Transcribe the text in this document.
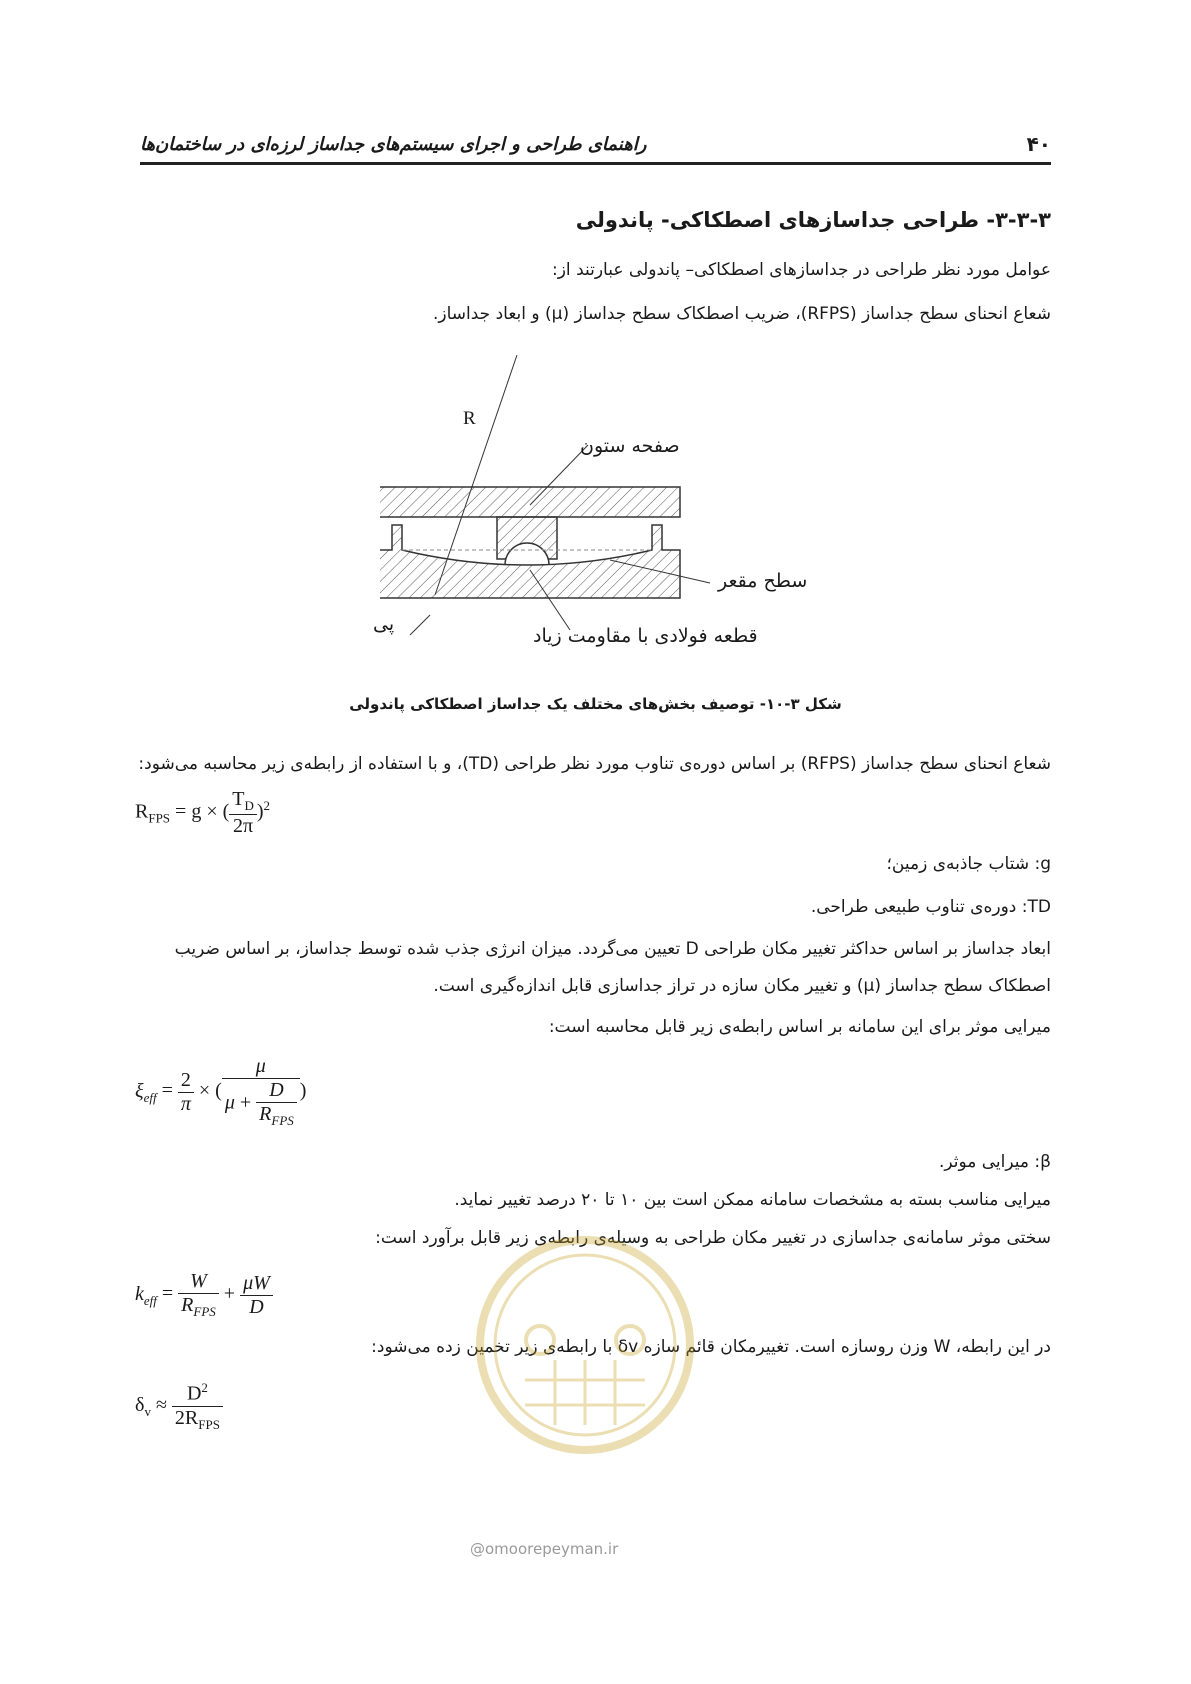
راهنمای طراحی و اجرای سیستم‌های جداساز لرزه‌ای در ساختمان‌ها	۴۰
۳-۳-۳- طراحی جداسازهای اصطکاکی- پاندولی
عوامل مورد نظر طراحی در جداسازهای اصطکاکی– پاندولی عبارتند از:
شعاع انحنای سطح جداساز (RFPS)، ضریب اصطکاک سطح جداساز (μ) و ابعاد جداساز.
R
صفحه ستون
سطح مقعر
پی
قطعه فولادی با مقاومت زیاد
شکل ۳-۱۰- توصیف بخش‌های مختلف یک جداساز اصطکاکی پاندولی
شعاع انحنای سطح جداساز (RFPS) بر اساس دوره‌ی تناوب مورد نظر طراحی (TD)، و با استفاده از رابطه‌ی زیر محاسبه می‌شود:
$R_{FPS} = g$ × ( $\frac{T_D}{2\pi} )^2$
g: شتاب جاذبه‌ی زمین؛
TD: دوره‌ی تناوب طبیعی طراحی.
ابعاد جداساز بر اساس حداکثر تغییر مکان طراحی D تعیین می‌گردد. میزان انرژی جذب شده توسط جداساز، بر اساس ضریب
اصطکاک سطح جداساز (μ) و تغییر مکان سازه در تراز جداسازی قابل اندازه‌گیری است.
میرایی موثر برای این سامانه بر اساس رابطه‌ی زیر قابل محاسبه است:
$\xi_{eff} = \frac{2}{\pi}$ × ( $\frac{\mu}{\mu + \frac{D}{R_{FPS}}}$ )
β: میرایی موثر.
میرایی مناسب بسته به مشخصات سامانه ممکن است بین ۱۰ تا ۲۰ درصد تغییر نماید.
سختی موثر سامانه‌ی جداسازی در تغییر مکان طراحی به وسیله‌ی رابطه‌ی زیر قابل برآورد است:
$k_{eff} = \frac{W}{R_{FPS}} + \frac{\mu W}{D}$
در این رابطه، W وزن روسازه است. تغییرمکان قائم سازه δv با رابطه‌ی زیر تخمین زده می‌شود:
$\delta_v \approx \frac{D^2}{2R_{FPS}}$
@omoorepeyman.ir
